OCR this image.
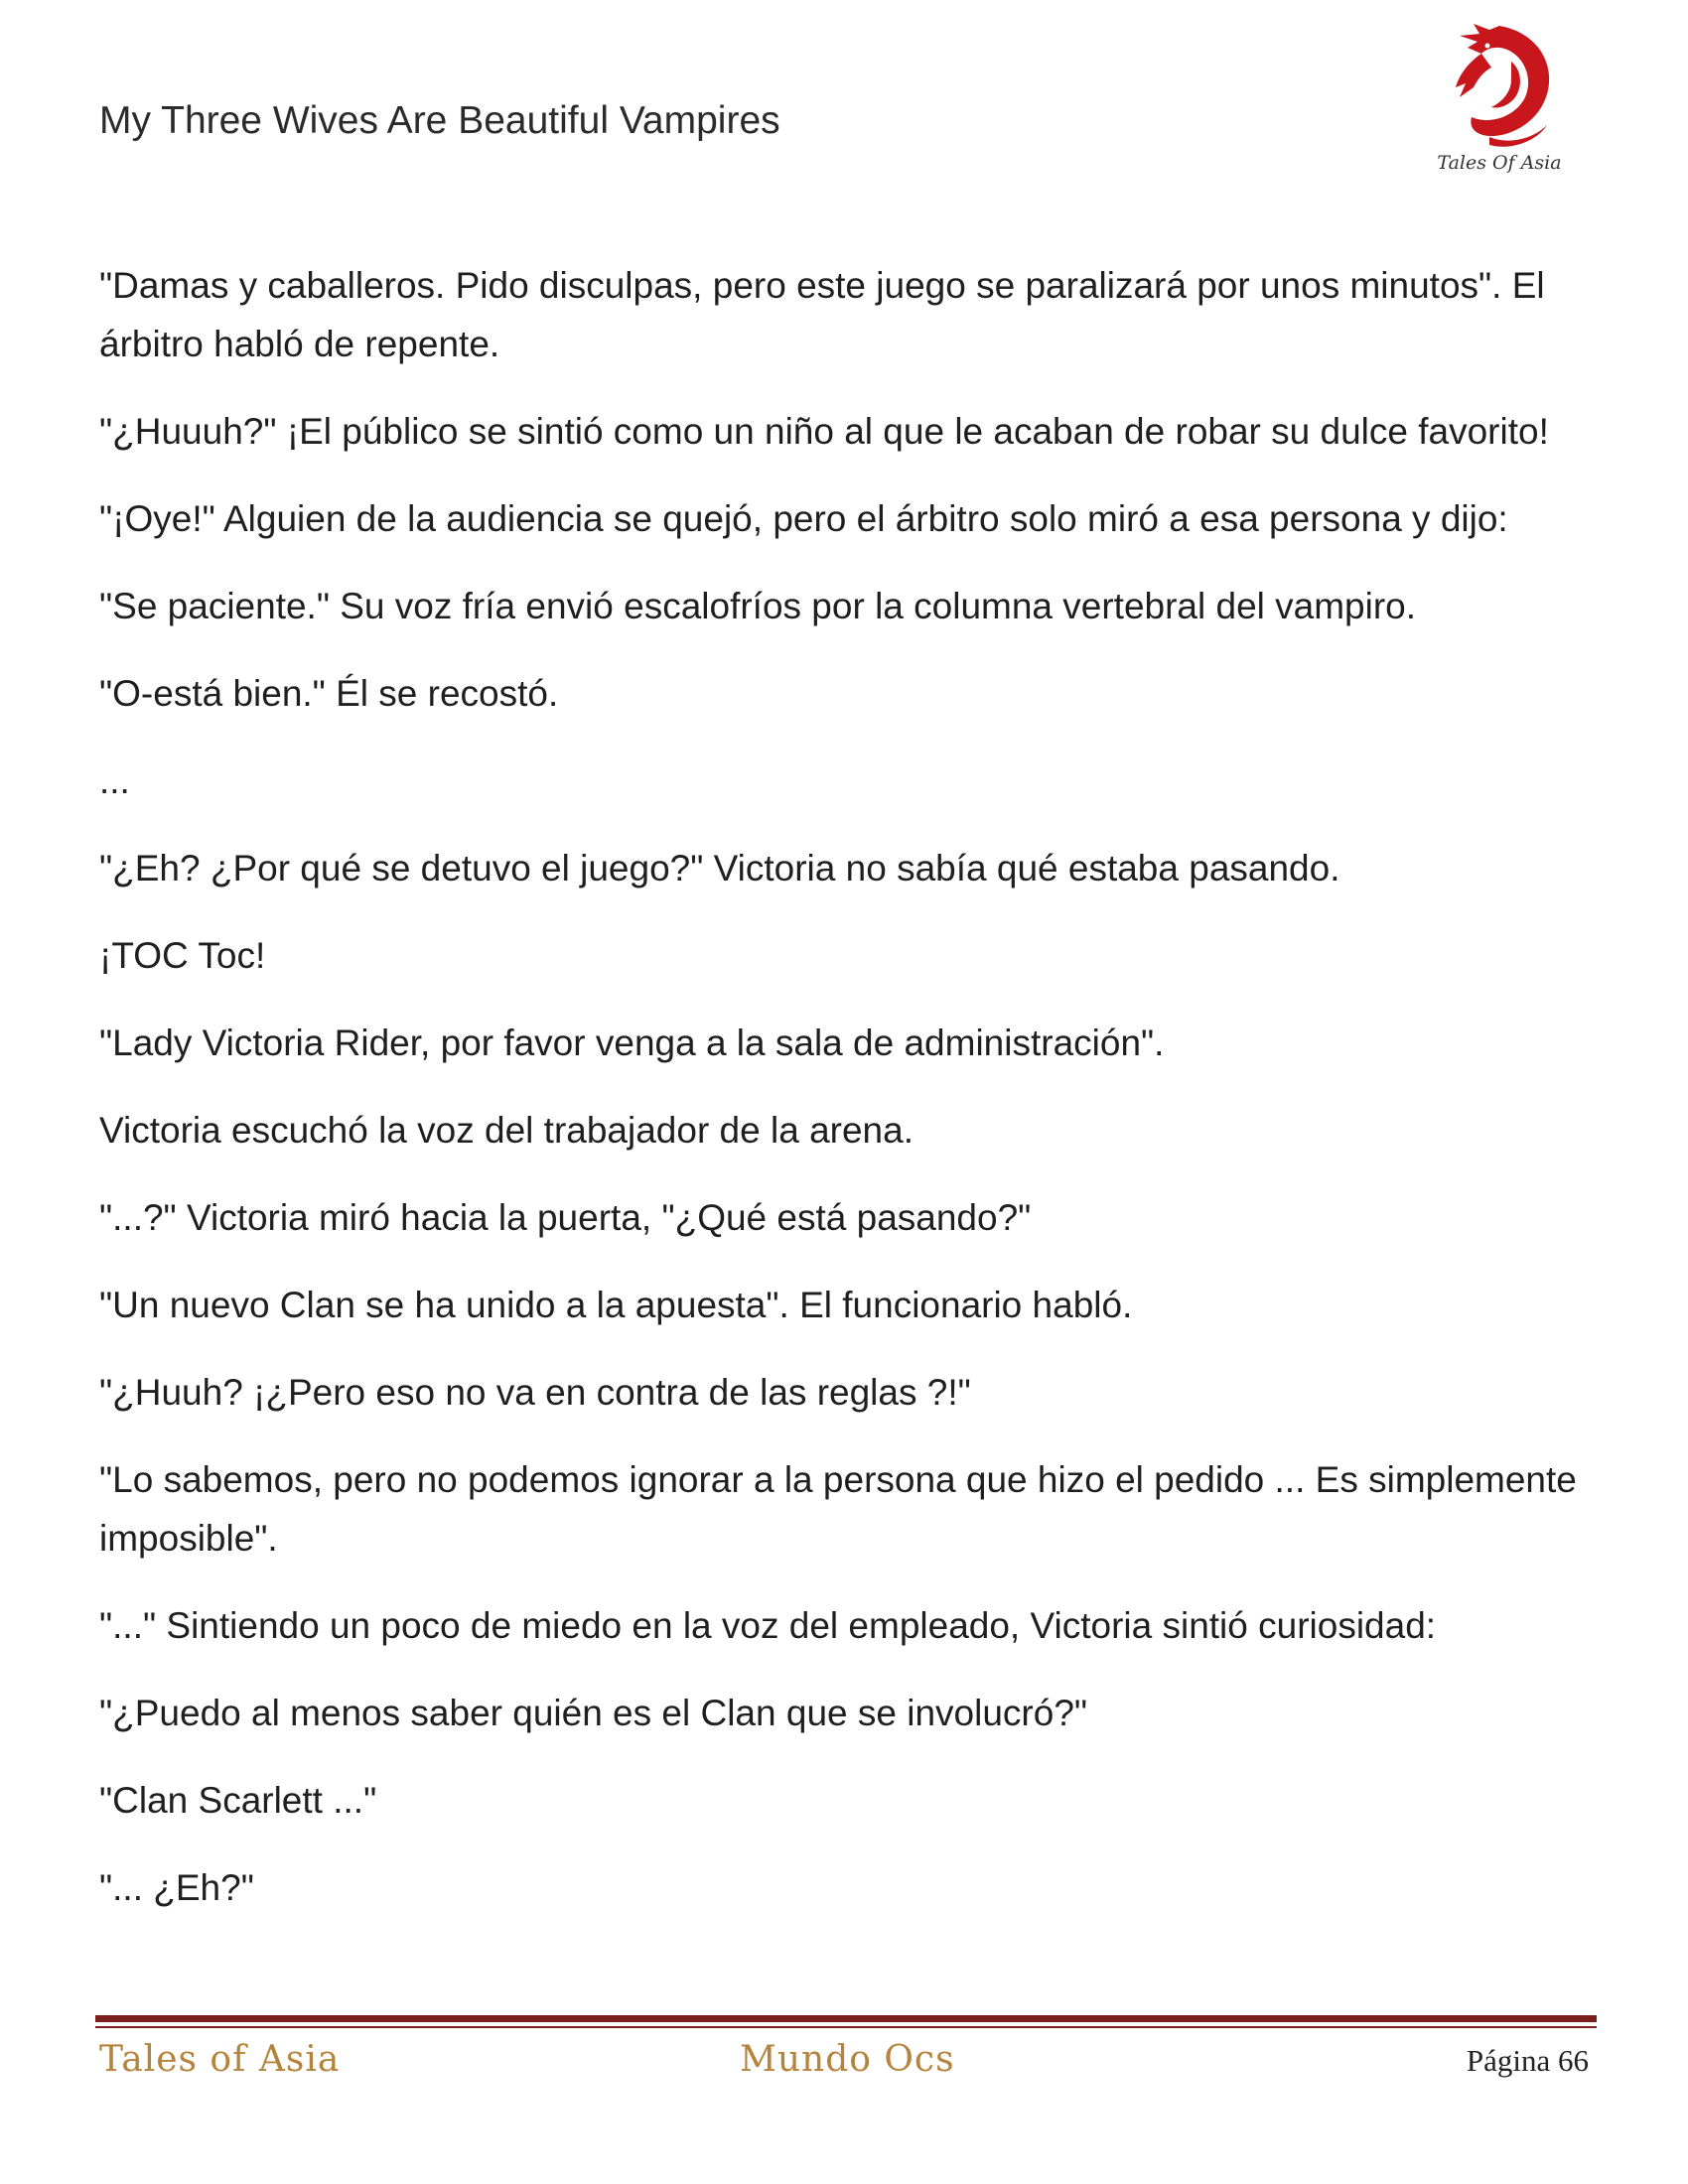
My Three Wives Are Beautiful Vampires

Tales Of Asia

"Damas y caballeros. Pido disculpas, pero este juego se paralizará por unos minutos". El árbitro habló de repente.

"¿Huuuh?" ¡El público se sintió como un niño al que le acaban de robar su dulce favorito!

"¡Oye!" Alguien de la audiencia se quejó, pero el árbitro solo miró a esa persona y dijo:

"Se paciente." Su voz fría envió escalofríos por la columna vertebral del vampiro.

"O-está bien." Él se recostó.

...

"¿Eh? ¿Por qué se detuvo el juego?" Victoria no sabía qué estaba pasando.

¡TOC Toc!

"Lady Victoria Rider, por favor venga a la sala de administración".

Victoria escuchó la voz del trabajador de la arena.

"...?" Victoria miró hacia la puerta, "¿Qué está pasando?"

"Un nuevo Clan se ha unido a la apuesta". El funcionario habló.

"¿Huuh? ¡¿Pero eso no va en contra de las reglas ?!"

"Lo sabemos, pero no podemos ignorar a la persona que hizo el pedido ... Es simplemente imposible".

"..." Sintiendo un poco de miedo en la voz del empleado, Victoria sintió curiosidad:

"¿Puedo al menos saber quién es el Clan que se involucró?"

"Clan Scarlett ..."

"... ¿Eh?"

Tales of Asia	Mundo Ocs	Página 66
